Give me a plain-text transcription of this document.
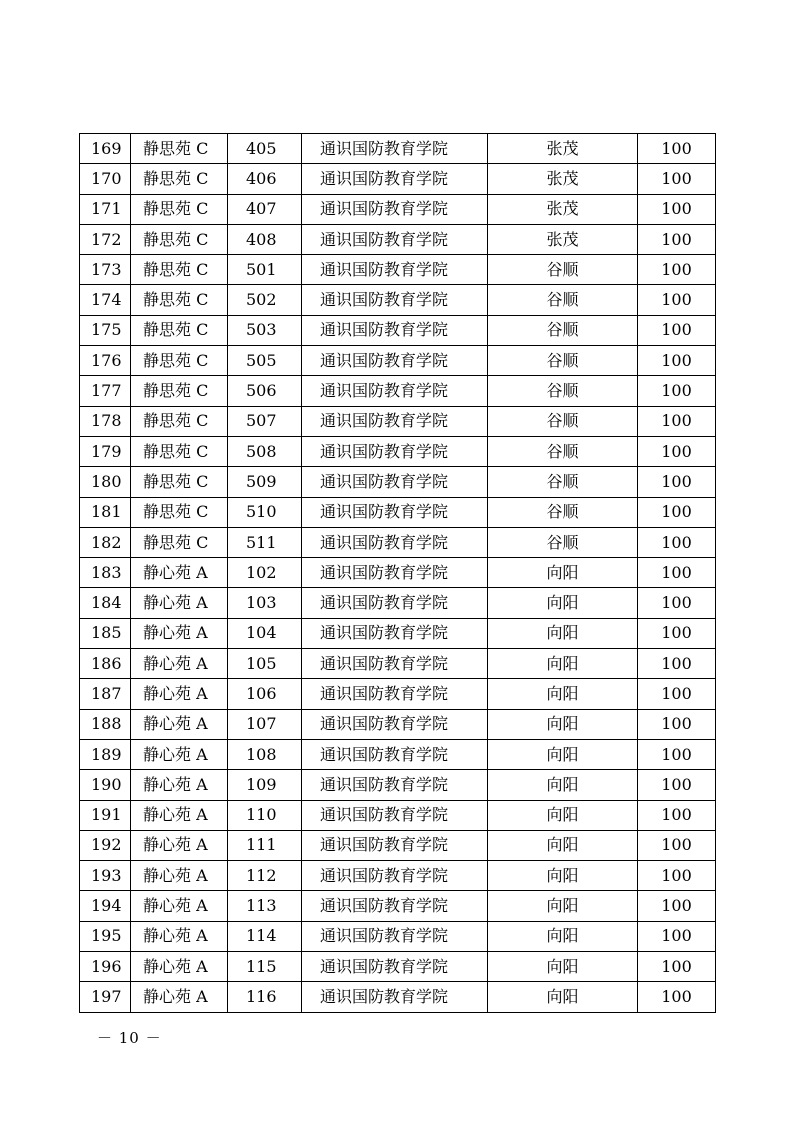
169	静思苑 C	405	通识国防教育学院	张茂	100
170	静思苑 C	406	通识国防教育学院	张茂	100
171	静思苑 C	407	通识国防教育学院	张茂	100
172	静思苑 C	408	通识国防教育学院	张茂	100
173	静思苑 C	501	通识国防教育学院	谷顺	100
174	静思苑 C	502	通识国防教育学院	谷顺	100
175	静思苑 C	503	通识国防教育学院	谷顺	100
176	静思苑 C	505	通识国防教育学院	谷顺	100
177	静思苑 C	506	通识国防教育学院	谷顺	100
178	静思苑 C	507	通识国防教育学院	谷顺	100
179	静思苑 C	508	通识国防教育学院	谷顺	100
180	静思苑 C	509	通识国防教育学院	谷顺	100
181	静思苑 C	510	通识国防教育学院	谷顺	100
182	静思苑 C	511	通识国防教育学院	谷顺	100
183	静心苑 A	102	通识国防教育学院	向阳	100
184	静心苑 A	103	通识国防教育学院	向阳	100
185	静心苑 A	104	通识国防教育学院	向阳	100
186	静心苑 A	105	通识国防教育学院	向阳	100
187	静心苑 A	106	通识国防教育学院	向阳	100
188	静心苑 A	107	通识国防教育学院	向阳	100
189	静心苑 A	108	通识国防教育学院	向阳	100
190	静心苑 A	109	通识国防教育学院	向阳	100
191	静心苑 A	110	通识国防教育学院	向阳	100
192	静心苑 A	111	通识国防教育学院	向阳	100
193	静心苑 A	112	通识国防教育学院	向阳	100
194	静心苑 A	113	通识国防教育学院	向阳	100
195	静心苑 A	114	通识国防教育学院	向阳	100
196	静心苑 A	115	通识国防教育学院	向阳	100
197	静心苑 A	116	通识国防教育学院	向阳	100
－ 10 －
